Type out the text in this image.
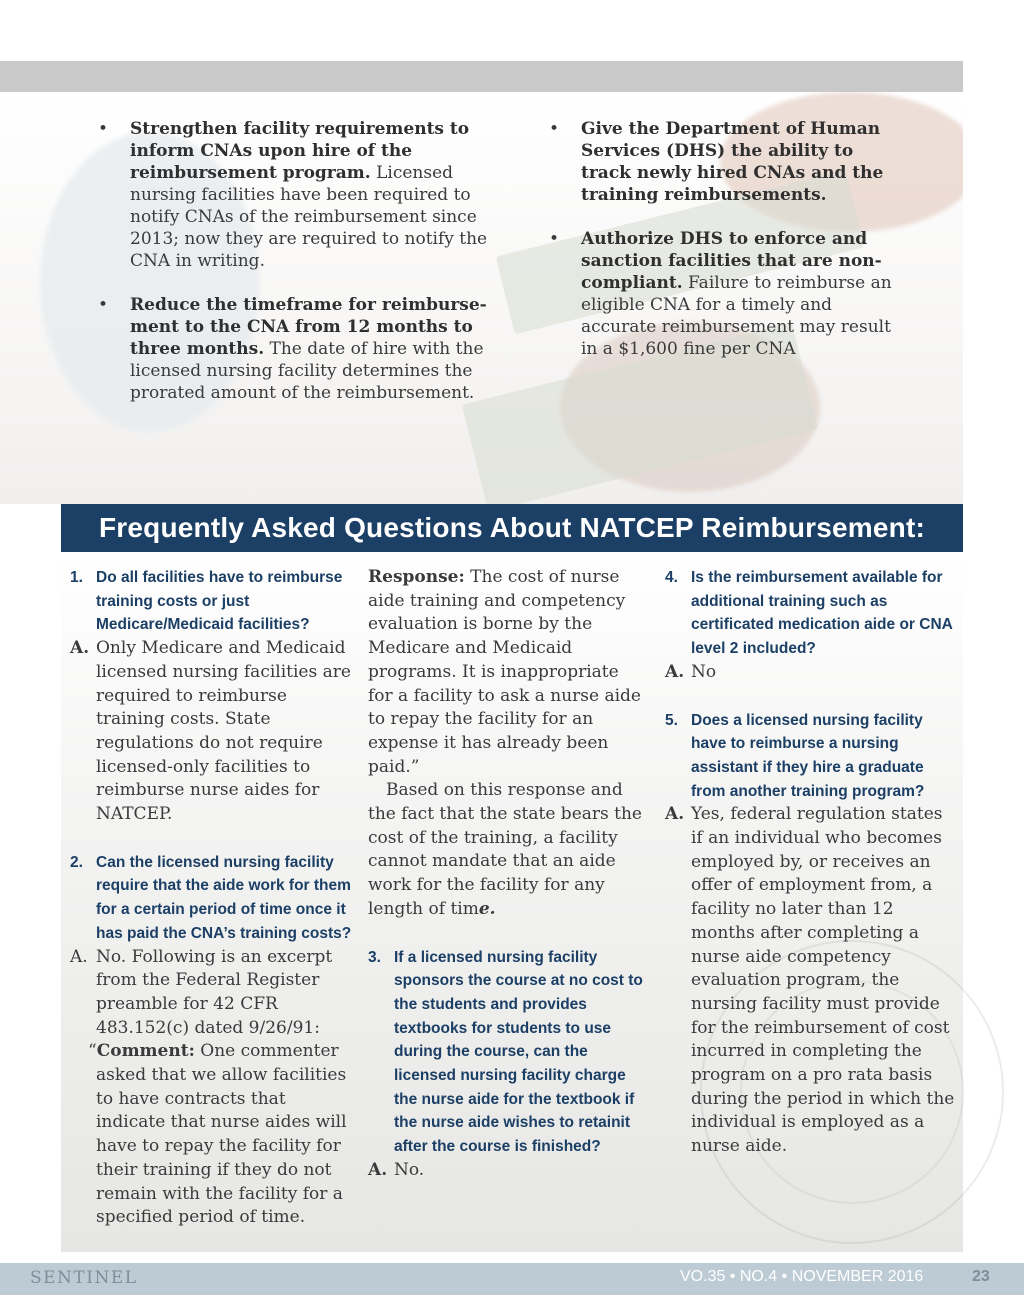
• Strengthen facility requirements to inform CNAs upon hire of the reimbursement program. Licensed nursing facilities have been required to notify CNAs of the reimbursement since 2013; now they are required to notify the CNA in writing.
• Reduce the timeframe for reimburse-ment to the CNA from 12 months to three months. The date of hire with the licensed nursing facility determines the prorated amount of the reimbursement.
• Give the Department of Human Services (DHS) the ability to track newly hired CNAs and the training reimbursements.
• Authorize DHS to enforce and sanction facilities that are non-compliant. Failure to reimburse an eligible CNA for a timely and accurate reimbursement may result in a $1,600 fine per CNA
Frequently Asked Questions About NATCEP Reimbursement:
1. Do all facilities have to reimburse training costs or just Medicare/Medicaid facilities?
A. Only Medicare and Medicaid licensed nursing facilities are required to reimburse training costs. State regulations do not require licensed-only facilities to reimburse nurse aides for NATCEP.
2. Can the licensed nursing facility require that the aide work for them for a certain period of time once it has paid the CNA’s training costs?
A. No. Following is an excerpt from the Federal Register preamble for 42 CFR 483.152(c) dated 9/26/91:
“Comment: One commenter asked that we allow facilities to have contracts that indicate that nurse aides will have to repay the facility for their training if they do not remain with the facility for a specified period of time.
Response: The cost of nurse aide training and competency evaluation is borne by the Medicare and Medicaid programs. It is inappropriate for a facility to ask a nurse aide to repay the facility for an expense it has already been paid.”
Based on this response and the fact that the state bears the cost of the training, a facility cannot mandate that an aide work for the facility for any length of time.
3. If a licensed nursing facility sponsors the course at no cost to the students and provides textbooks for students to use during the course, can the licensed nursing facility charge the nurse aide for the textbook if the nurse aide wishes to retainit after the course is finished?
A. No.
4. Is the reimbursement available for additional training such as certificated medication aide or CNA level 2 included?
A. No
5. Does a licensed nursing facility have to reimburse a nursing assistant if they hire a graduate from another training program?
A. Yes, federal regulation states if an individual who becomes employed by, or receives an offer of employment from, a facility no later than 12 months after completing a nurse aide competency evaluation program, the nursing facility must provide for the reimbursement of cost incurred in completing the program on a pro rata basis during the period in which the individual is employed as a nurse aide.
SENTINEL	VO.35 • NO.4 • NOVEMBER 2016	23
